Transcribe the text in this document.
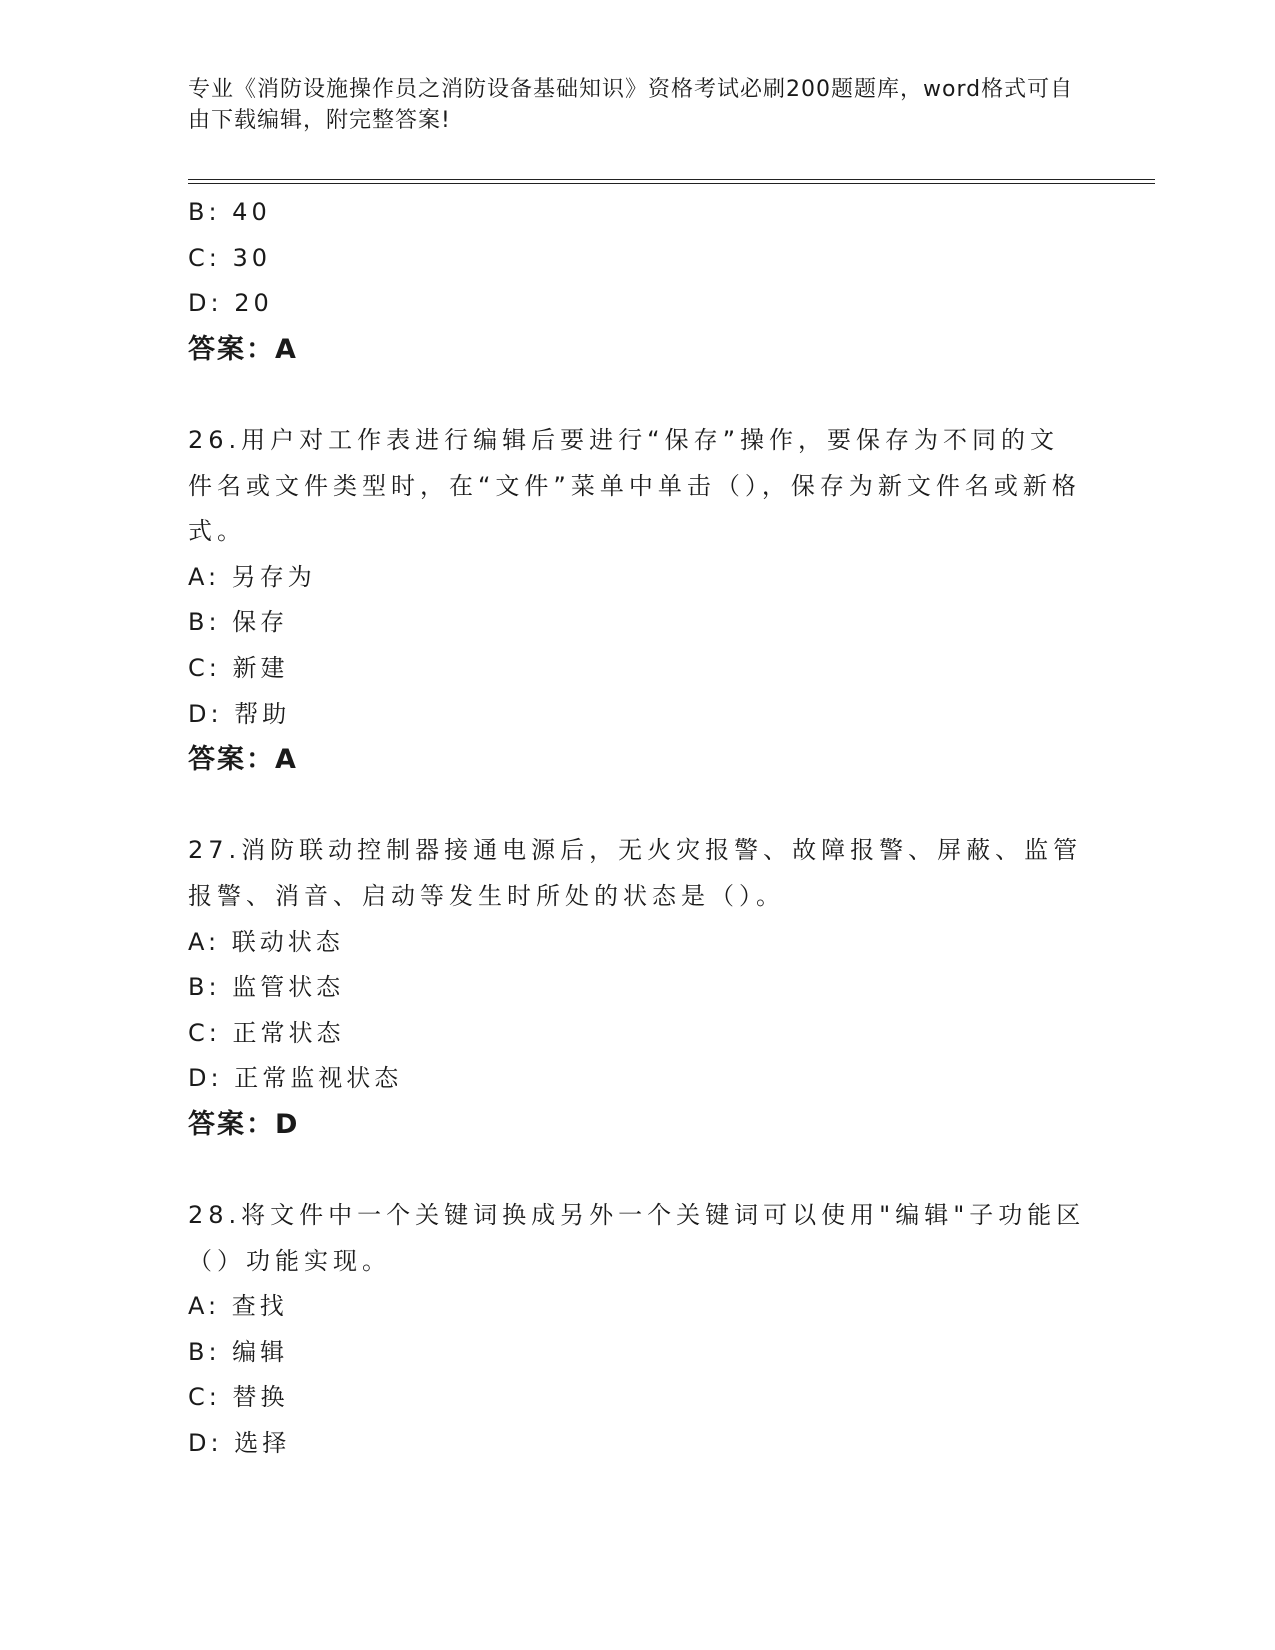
专业《消防设施操作员之消防设备基础知识》资格考试必刷200题题库，word格式可自由下载编辑，附完整答案!
B: 40
C: 30
D: 20
答案：A
26.用户对工作表进行编辑后要进行“保存”操作，要保存为不同的文件名或文件类型时，在“文件”菜单中单击（），保存为新文件名或新格式。
A: 另存为
B: 保存
C: 新建
D: 帮助
答案：A
27.消防联动控制器接通电源后，无火灾报警、故障报警、屏蔽、监管报警、消音、启动等发生时所处的状态是（）。
A: 联动状态
B: 监管状态
C: 正常状态
D: 正常监视状态
答案：D
28.将文件中一个关键词换成另外一个关键词可以使用"编辑"子功能区（）功能实现。
A: 查找
B: 编辑
C: 替换
D: 选择
